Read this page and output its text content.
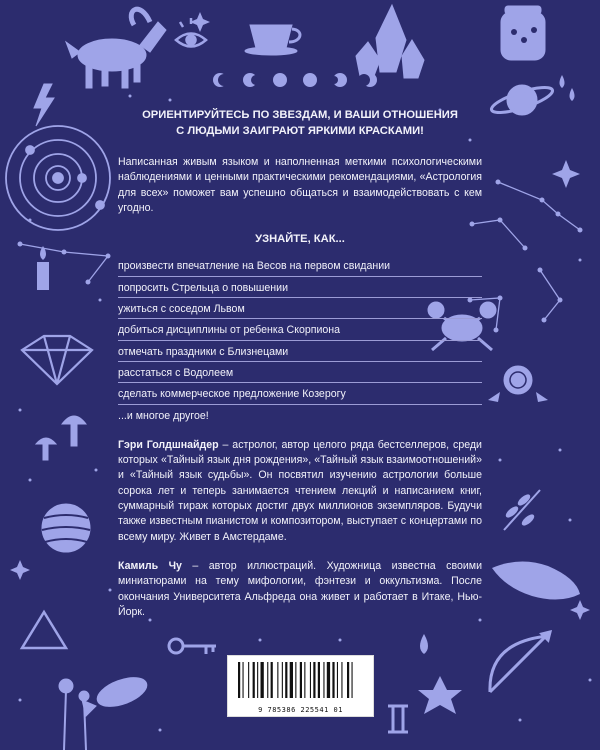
ОРИЕНТИРУЙТЕСЬ ПО ЗВЕЗДАМ, И ВАШИ ОТНОШЕНИЯ
С ЛЮДЬМИ ЗАИГРАЮТ ЯРКИМИ КРАСКАМИ!
Написанная живым языком и наполненная меткими психологическими наблюдениями и ценными практическими рекомендациями, «Астрология для всех» поможет вам успешно общаться и взаимодействовать с кем угодно.
УЗНАЙТЕ, КАК...
произвести впечатление на Весов на первом свидании
попросить Стрельца о повышении
ужиться с соседом Львом
добиться дисциплины от ребенка Скорпиона
отмечать праздники с Близнецами
расстаться с Водолеем
сделать коммерческое предложение Козерогу
...и многое другое!
Гэри Голдшнайдер – астролог, автор целого ряда бестселлеров, среди которых «Тайный язык дня рождения», «Тайный язык взаимоотношений» и «Тайный язык судьбы». Он посвятил изучению астрологии больше сорока лет и теперь занимается чтением лекций и написанием книг, суммарный тираж которых достиг двух миллионов экземпляров. Будучи также известным пианистом и композитором, выступает с концертами по всему миру. Живет в Амстердаме.
Камиль Чу – автор иллюстраций. Художница известна своими миниатюрами на тему мифологии, фэнтези и оккультизма. После окончания Университета Альфреда она живет и работает в Итаке, Нью-Йорк.
9 785386 225541 01
